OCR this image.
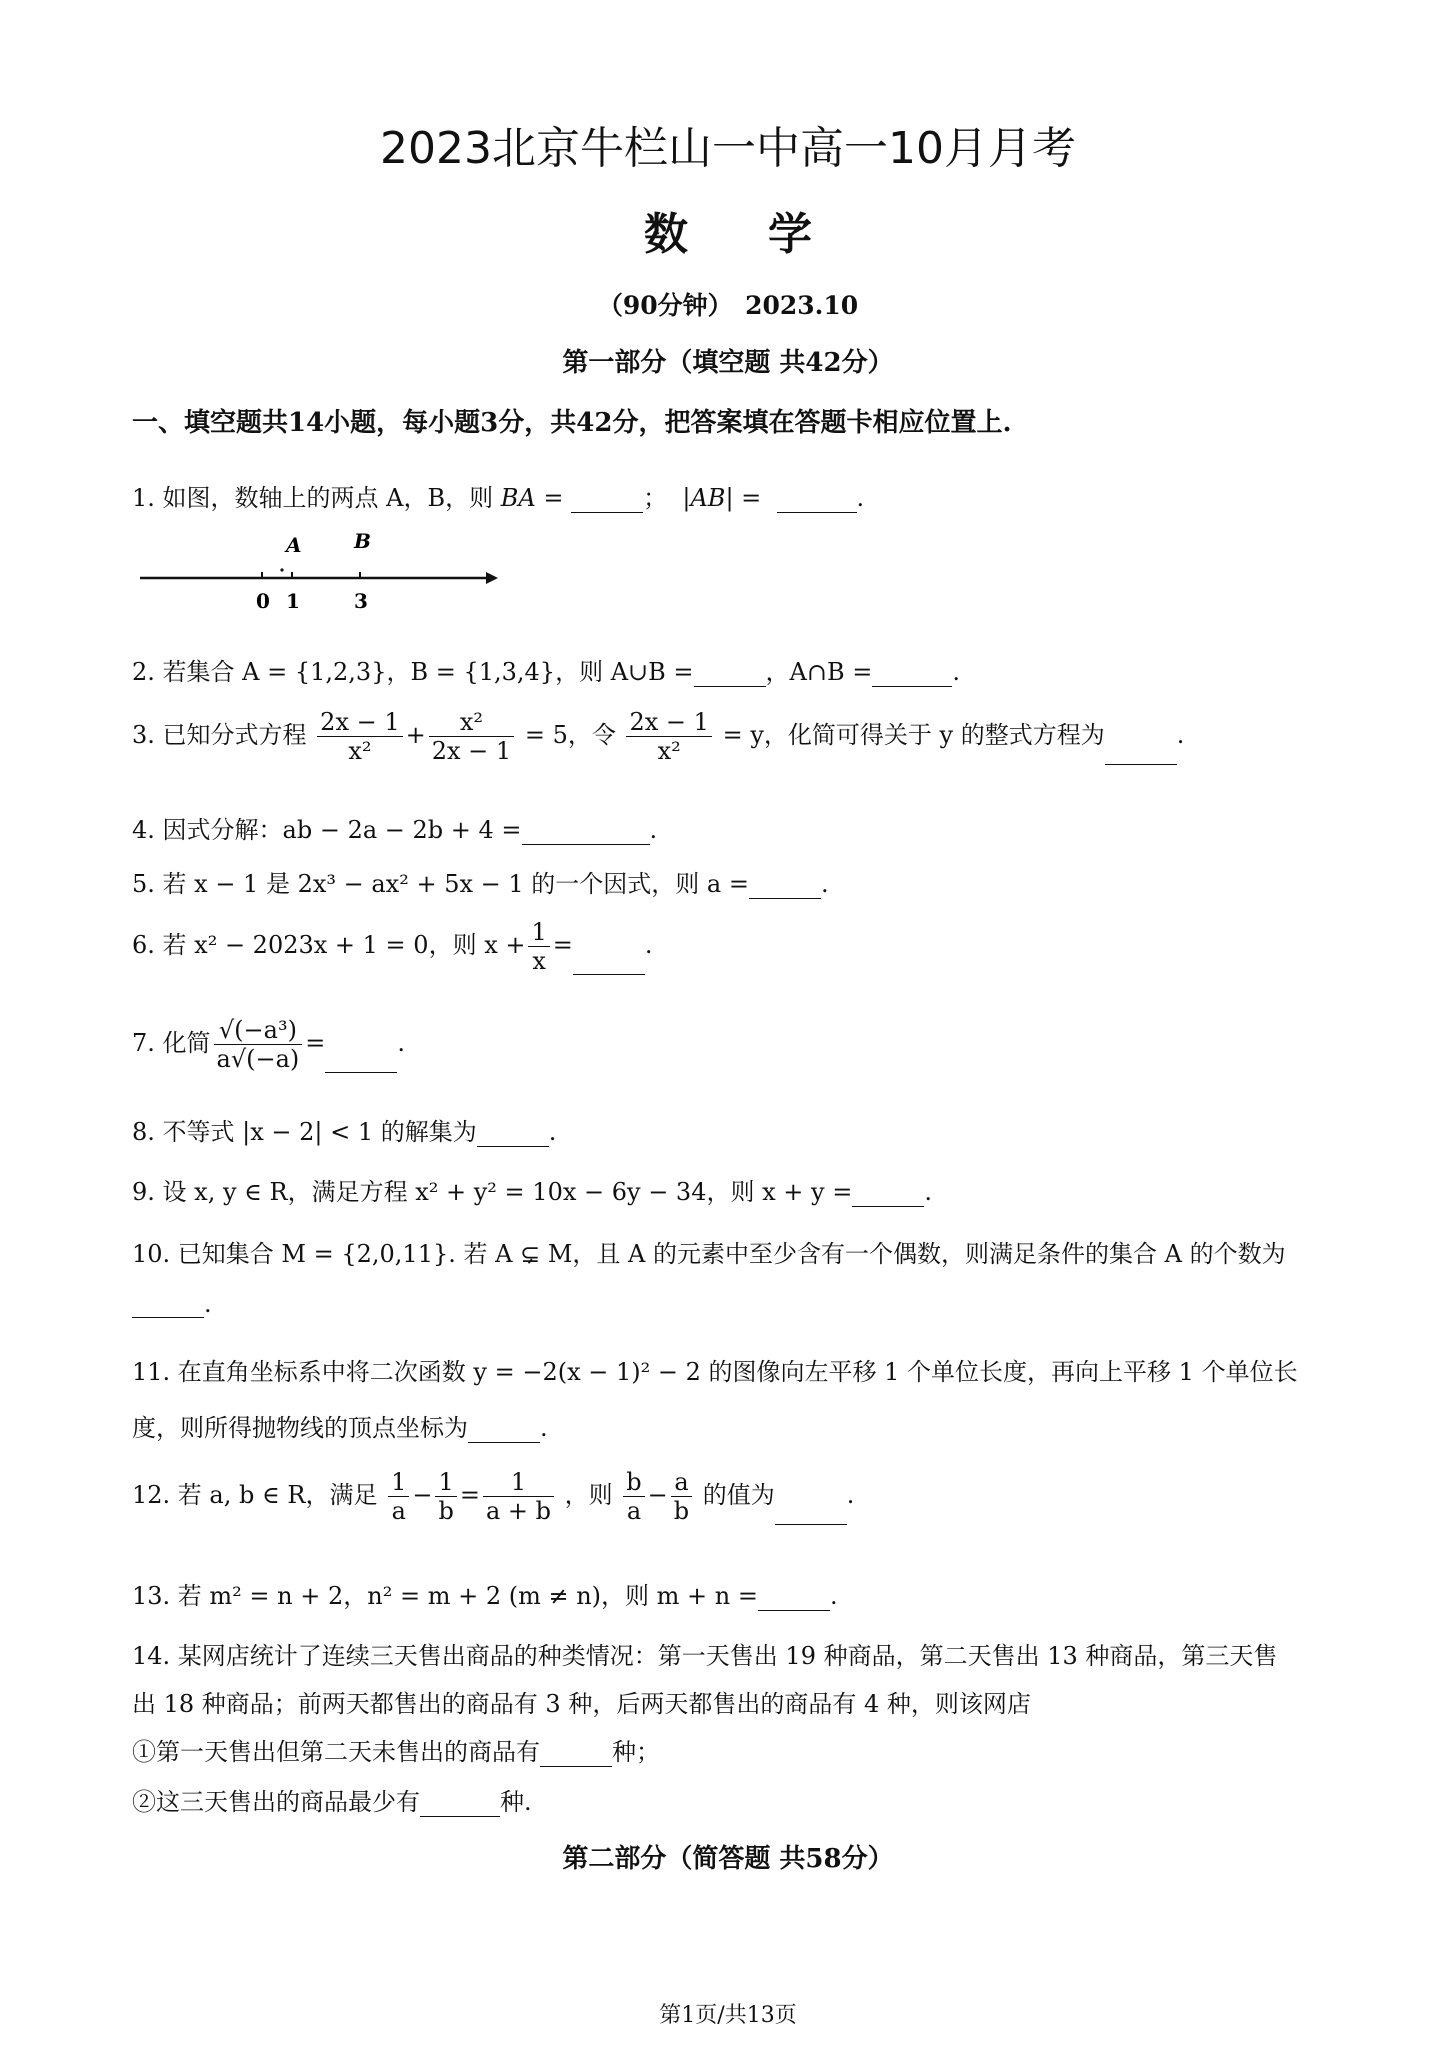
2023北京牛栏山一中高一10月月考
数学
（90分钟）　2023.10
第一部分（填空题 共42分）
一、填空题共14小题，每小题3分，共42分，把答案填在答题卡相应位置上.
1. 如图，数轴上的两点 A，B，则 BA =	； |AB| =	.
A	B
0 1	3
2. 若集合 A = {1,2,3}，B = {1,3,4}，则 A∪B =	，A∩B =	.
3. 已知分式方程 $\frac{2x - 1}{\text{x²}} + \frac{\text{x²}}{2x - 1} = 5$，令 $\frac{2x - 1}{\text{x²}} = y$，化简可得关于 y 的整式方程为	.
4. 因式分解：ab − 2a − 2b + 4 =	.
5. 若 x − 1 是 2x³ − ax² + 5x − 1 的一个因式，则 a =	.
6. 若 x² − 2023x + 1 = 0，则 $x + \frac{1}{x}$ =	.
7. 化简 $\frac{\text{√(−a³)}}{a√(-a)}$ =	.
8. 不等式 |x − 2| < 1 的解集为	.
9. 设 x, y ∈ R，满足方程 x² + y² = 10x − 6y − 34，则 x + y =	.
10. 已知集合 M = {2,0,11}. 若 A ⊊ M，且 A 的元素中至少含有一个偶数，则满足条件的集合 A 的个数为
.
11. 在直角坐标系中将二次函数 y = −2(x − 1)² − 2 的图像向左平移 1 个单位长度，再向上平移 1 个单位长
度，则所得抛物线的顶点坐标为	.
12. 若 a, b ∈ R，满足 $\frac{1}{a} - \frac{1}{b} = \frac{1}{a + b}$ ，则 $\frac{b}{a} - \frac{a}{b}$ 的值为	.
13. 若 m² = n + 2，n² = m + 2 (m ≠ n)，则 m + n =	.
14. 某网店统计了连续三天售出商品的种类情况：第一天售出 19 种商品，第二天售出 13 种商品，第三天售
出 18 种商品；前两天都售出的商品有 3 种，后两天都售出的商品有 4 种，则该网店
①第一天售出但第二天未售出的商品有	种；
②这三天售出的商品最少有	种.
第二部分（简答题 共58分）
第1页/共13页
